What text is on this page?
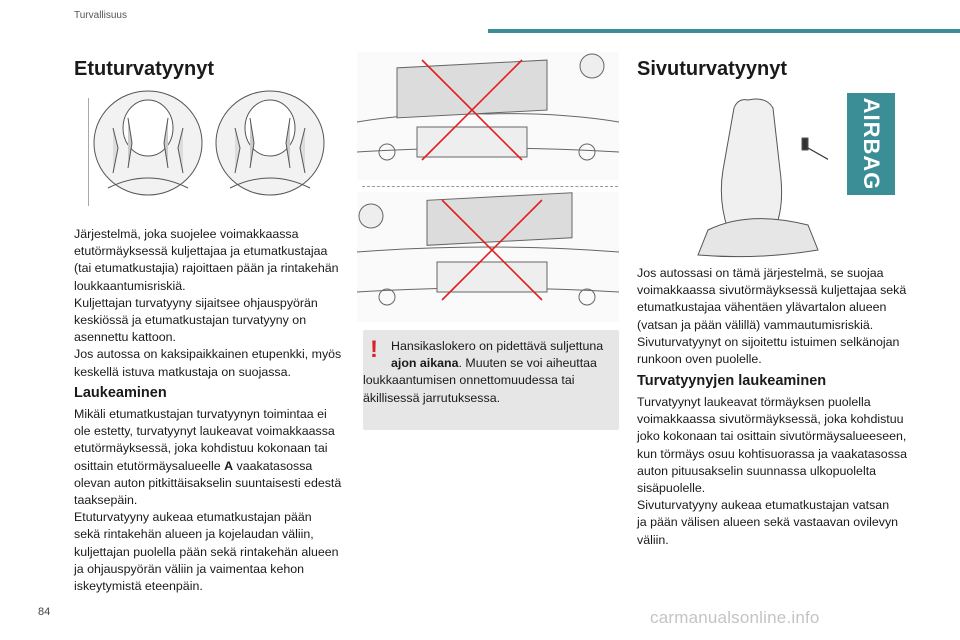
Turvallisuus
Etuturvatyynyt

Järjestelmä, joka suojelee voimakkaassa

etutörmäyksessä kuljettajaa ja etumatkustajaa

(tai etumatkustajia) rajoittaen pään ja rintakehän

loukkaantumisriskiä.

Kuljettajan turvatyyny sijaitsee ohjauspyörän

keskiössä ja etumatkustajan turvatyyny on

asennettu kattoon.

Jos autossa on kaksipaikkainen etupenkki, myös

keskellä istuva matkustaja on suojassa.

Laukeaminen

Mikäli etumatkustajan turvatyynyn toimintaa ei

ole estetty, turvatyynyt laukeavat voimakkaassa

etutörmäyksessä, joka kohdistuu kokonaan tai

osittain etutörmäysalueelle A vaakatasossa

olevan auton pitkittäisakselin suuntaisesti edestä

taaksepäin.

Etuturvatyyny aukeaa etumatkustajan pään

sekä rintakehän alueen ja kojelaudan väliin,

kuljettajan puolella pään sekä rintakehän alueen

ja ohjauspyörän väliin ja vaimentaa kehon

iskeytymistä eteenpäin.

!	Hansikaslokero on pidettävä suljettuna

ajon aikana. Muuten se voi aiheuttaa

loukkaantumisen onnettomuudessa tai

äkillisessä jarrutuksessa.

Sivuturvatyynyt
AIRBAG

Jos autossasi on tämä järjestelmä, se suojaa

voimakkaassa sivutörmäyksessä kuljettajaa sekä

etumatkustajaa vähentäen ylävartalon alueen

(vatsan ja pään välillä) vammautumisriskiä.

Sivuturvatyynyt on sijoitettu istuimen selkänojan

runkoon oven puolelle.

Turvatyynyjen laukeaminen

Turvatyynyt laukeavat törmäyksen puolella

voimakkaassa sivutörmäyksessä, joka kohdistuu

joko kokonaan tai osittain sivutörmäysalueeseen,

kun törmäys osuu kohtisuorassa ja vaakatasossa

auton pituusakselin suunnassa ulkopuolelta

sisäpuolelle.

Sivuturvatyyny aukeaa etumatkustajan vatsan

ja pään välisen alueen sekä vastaavan ovilevyn

väliin.

84	carmanualsonline.info
